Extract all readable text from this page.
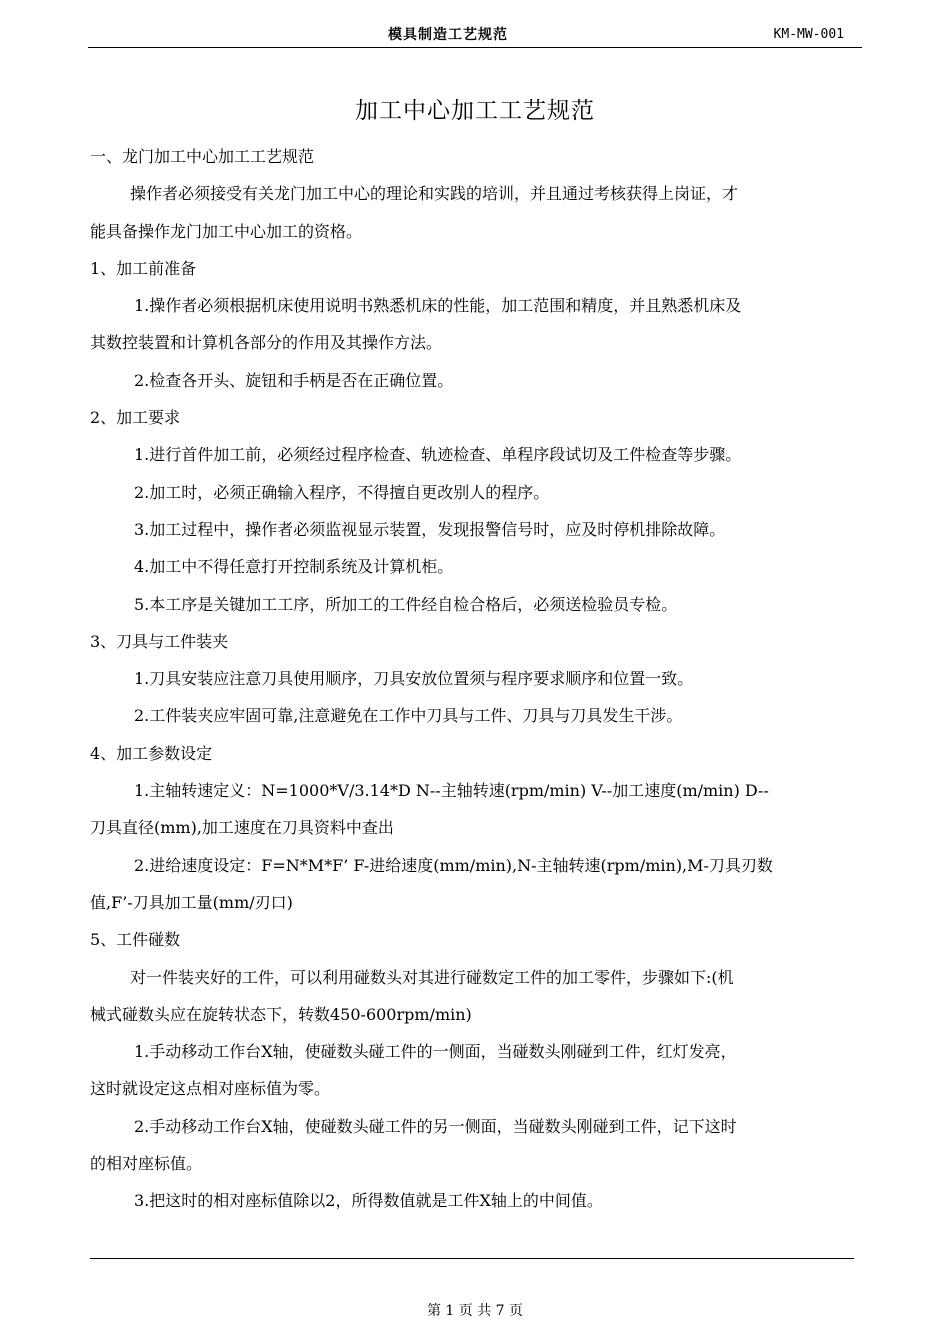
模具制造工艺规范	KM-MW-001
加工中心加工工艺规范

一、龙门加工中心加工工艺规范

操作者必须接受有关龙门加工中心的理论和实践的培训，并且通过考核获得上岗证，才

能具备操作龙门加工中心加工的资格。

1、加工前准备

1.操作者必须根据机床使用说明书熟悉机床的性能，加工范围和精度，并且熟悉机床及

其数控装置和计算机各部分的作用及其操作方法。

2.检查各开头、旋钮和手柄是否在正确位置。

2、加工要求

1.进行首件加工前，必须经过程序检查、轨迹检查、单程序段试切及工件检查等步骤。

2.加工时，必须正确输入程序，不得擅自更改别人的程序。

3.加工过程中，操作者必须监视显示装置，发现报警信号时，应及时停机排除故障。

4.加工中不得任意打开控制系统及计算机柜。

5.本工序是关键加工工序，所加工的工件经自检合格后，必须送检验员专检。

3、刀具与工件装夹

1.刀具安装应注意刀具使用顺序，刀具安放位置须与程序要求顺序和位置一致。

2.工件装夹应牢固可靠,注意避免在工作中刀具与工件、刀具与刀具发生干涉。

4、加工参数设定

1.主轴转速定义：N=1000*V/3.14*D N--主轴转速(rpm/min) V--加工速度(m/min) D--

刀具直径(mm),加工速度在刀具资料中查出

2.进给速度设定：F=N*M*F’ F-进给速度(mm/min),N-主轴转速(rpm/min),M-刀具刃数

值,F’-刀具加工量(mm/刃口)

5、工件碰数

对一件装夹好的工件，可以利用碰数头对其进行碰数定工件的加工零件，步骤如下:(机

械式碰数头应在旋转状态下，转数450-600rpm/min)

1.手动移动工作台X轴，使碰数头碰工件的一侧面，当碰数头刚碰到工件，红灯发亮，

这时就设定这点相对座标值为零。

2.手动移动工作台X轴，使碰数头碰工件的另一侧面，当碰数头刚碰到工件，记下这时

的相对座标值。

3.把这时的相对座标值除以2，所得数值就是工件X轴上的中间值。

第 1 页 共 7 页
